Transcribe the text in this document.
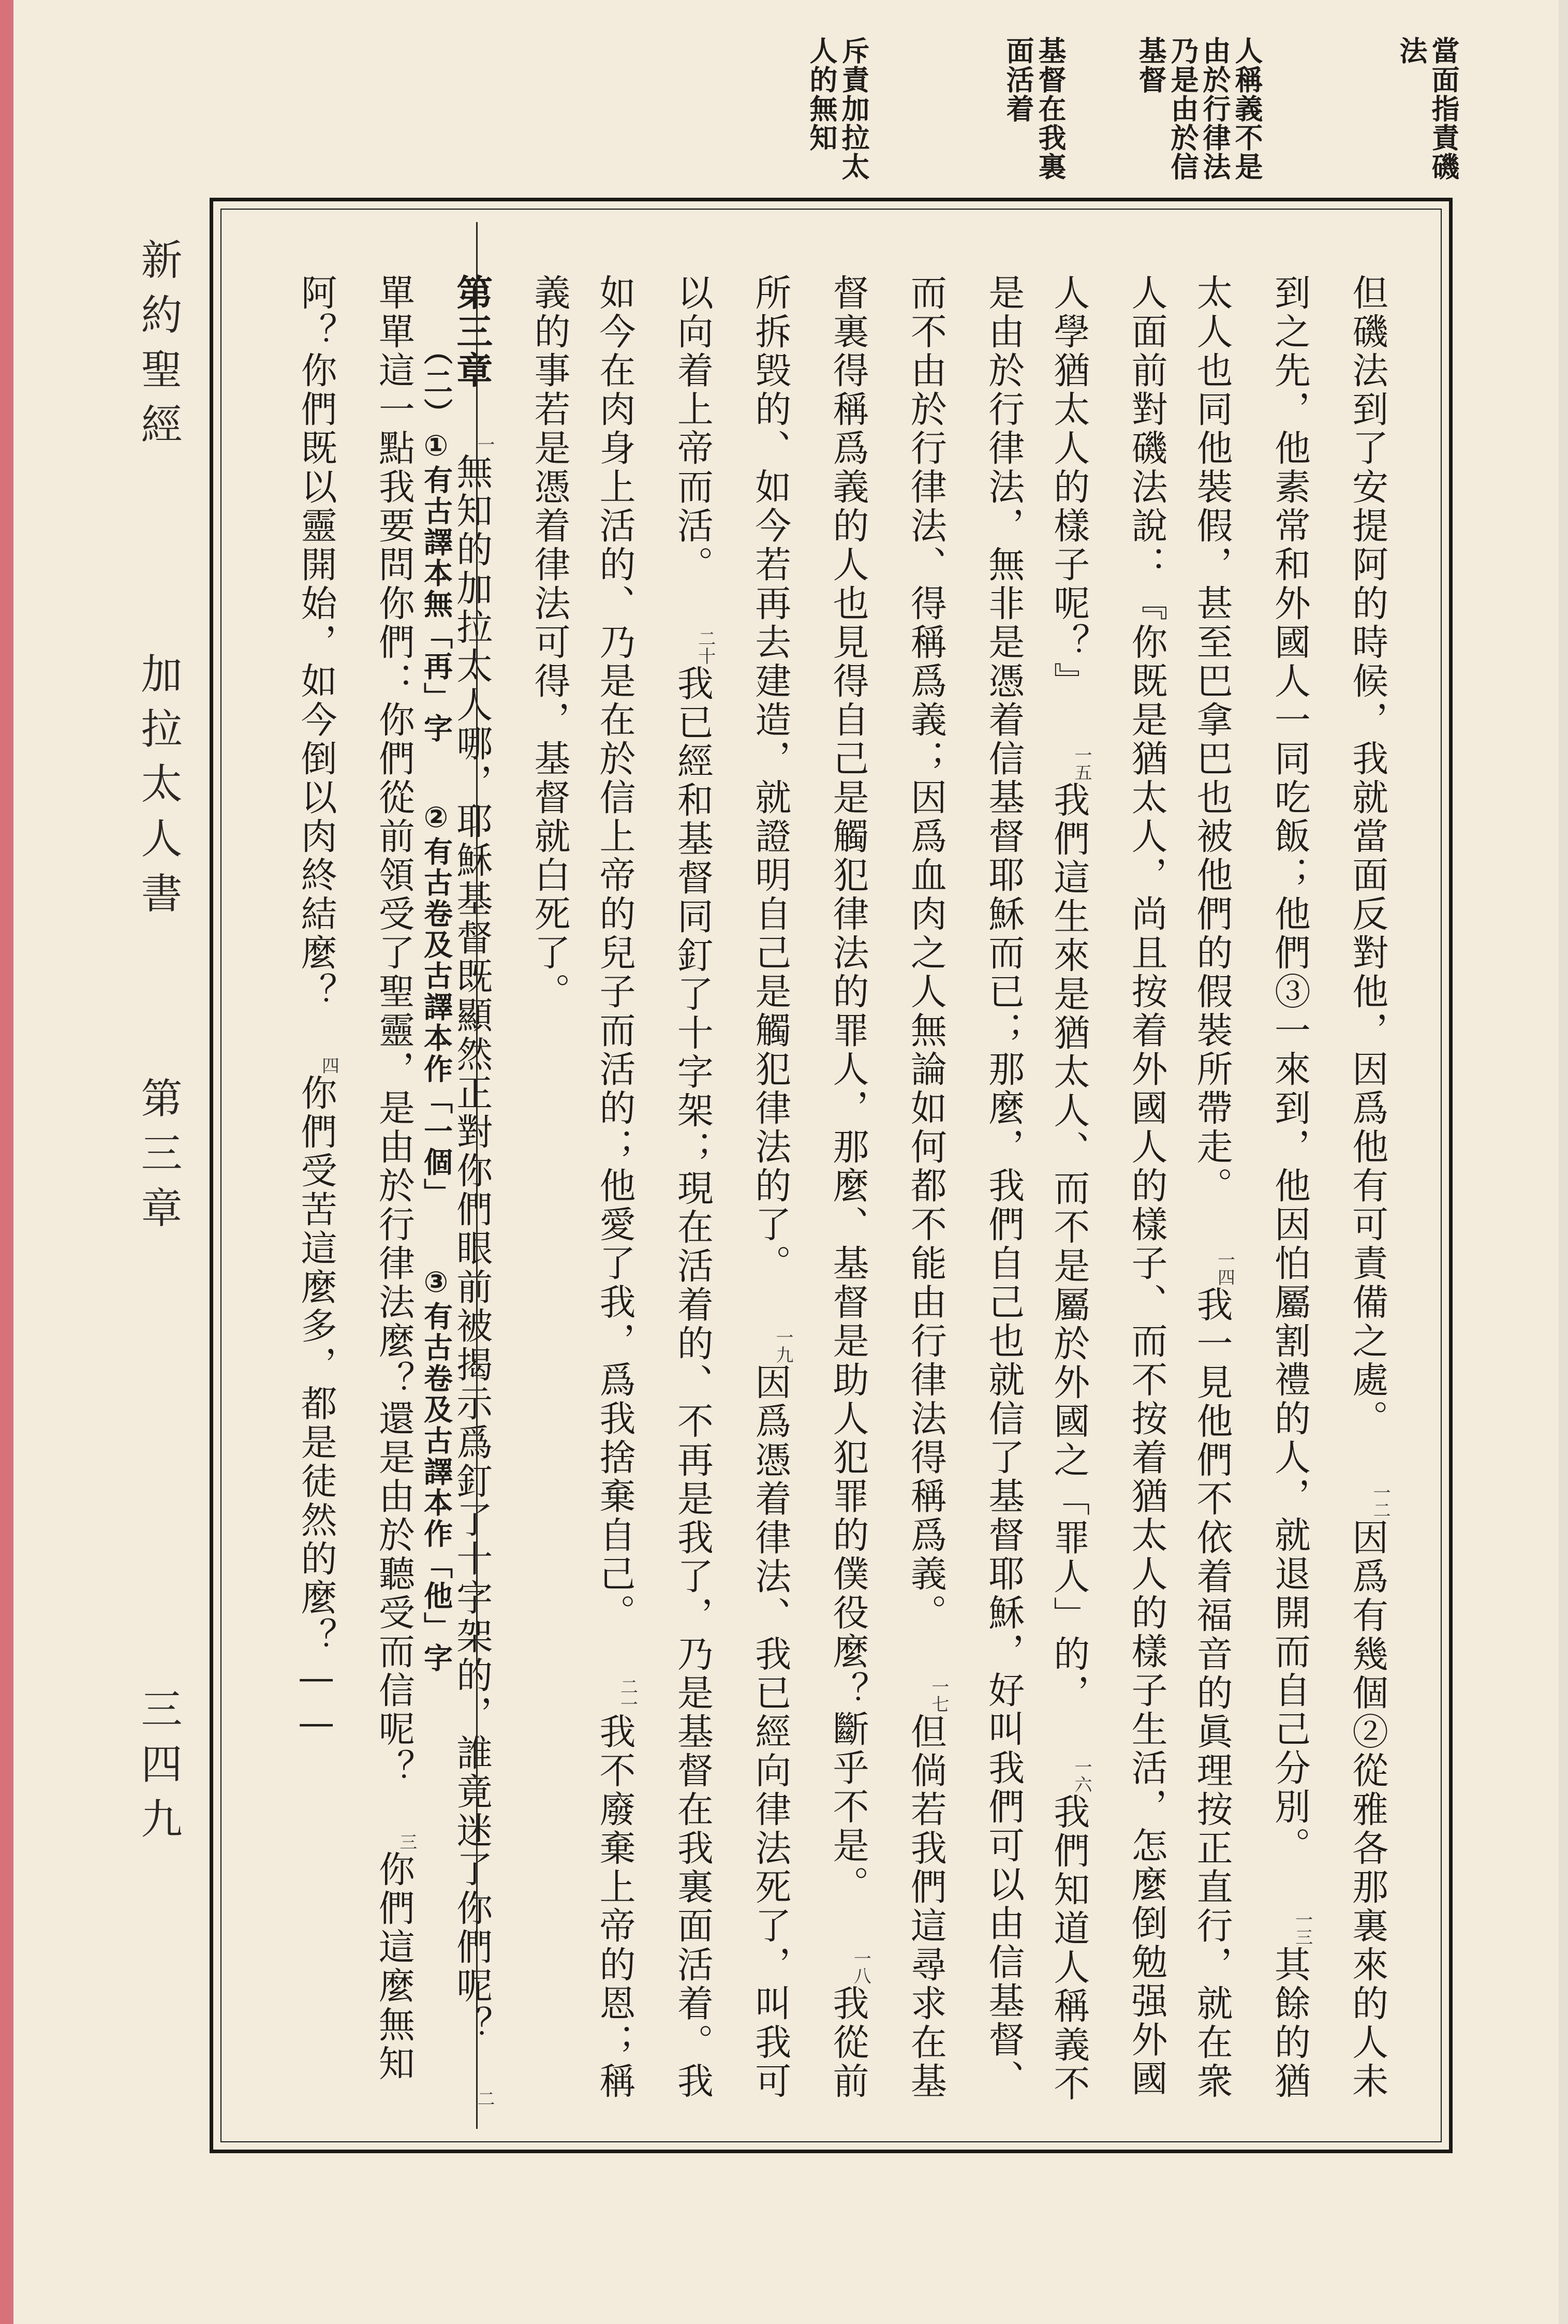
當面指責磯法
人稱義不是由於行律法乃是由於信基督
基督在我裏面活着
斥責加拉太人的無知
新約聖經
加拉太人書
第三章
三四九
但磯法到了安提阿的時候，我就當面反對他，因爲他有可責備之處。 $^{一二}$因爲有幾個②從雅各那裏來的人未到之先，他素常和外國人一同吃飯；他們③一來到，他因怕屬割禮的人，就退開而自己分別。 $^{一三}$其餘的猶太人也同他裝假，甚至巴拿巴也被他們的假裝所帶走。 $^{一四}$我一見他們不依着福音的眞理按正直行，就在衆人面前對磯法說：『你既是猶太人，尚且按着外國人的樣子、而不按着猶太人的樣子生活，怎麼倒勉强外國人學猶太人的樣子呢？』 $^{一五}$我們這生來是猶太人、而不是屬於外國之「罪人」的， $^{一六}$我們知道人稱義不是由於行律法，無非是憑着信基督耶穌而已；那麼，我們自己也就信了基督耶穌，好叫我們可以由信基督、而不由於行律法、得稱爲義；因爲血肉之人無論如何都不能由行律法得稱爲義。 $^{一七}$但倘若我們這尋求在基督裏得稱爲義的人也見得自己是觸犯律法的罪人，那麼、基督是助人犯罪的僕役麼？斷乎不是。 $^{一八}$我從前所拆毁的、如今若再去建造，就證明自己是觸犯律法的了。 $^{一九}$因爲憑着律法、我已經向律法死了，叫我可以向着上帝而活。 $^{二十}$我已經和基督同釘了十字架；現在活着的、不再是我了，乃是基督在我裏面活着。我如今在肉身上活的、乃是在於信上帝的兒子而活的；他愛了我，爲我捨棄自己。 $^{二一}$我不廢棄上帝的恩；稱義的事若是憑着律法可得，基督就白死了。
第三章 $^一$無知的加拉太人哪，耶穌基督既顯然正對你們眼前被揭示爲釘了十字架的，誰竟迷了你們呢？ $^二$單單這一點我要問你們：你們從前領受了聖靈，是由於行律法麼？還是由於聽受而信呢？ $^三$你們這麼無知阿？你們既以靈開始，如今倒以肉終結麼？ $^四$你們受苦這麼多，都是徒然的麼？——
（二）①有古譯本無「再」字 ②有古卷及古譯本作「一個」 ③有古卷及古譯本作「他」字
